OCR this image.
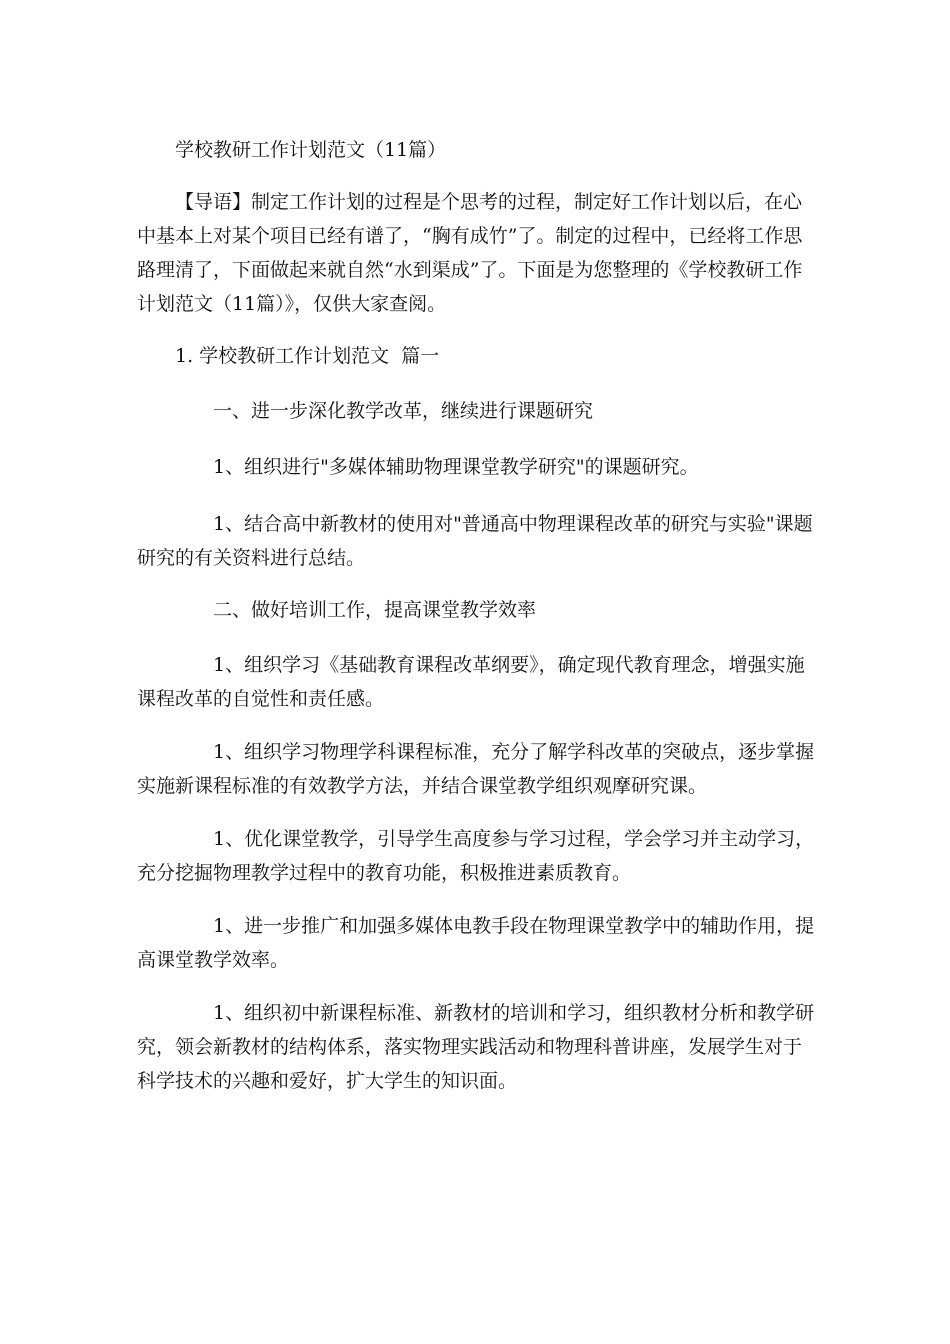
学校教研工作计划范文（11篇）
【导语】制定工作计划的过程是个思考的过程，制定好工作计划以后，在心中基本上对某个项目已经有谱了，“胸有成竹”了。制定的过程中，已经将工作思路理清了，下面做起来就自然“水到渠成”了。下面是为您整理的《学校教研工作计划范文（11篇）》，仅供大家查阅。
1. 学校教研工作计划范文  篇一
一、进一步深化教学改革，继续进行课题研究
1、组织进行"多媒体辅助物理课堂教学研究"的课题研究。
1、结合高中新教材的使用对"普通高中物理课程改革的研究与实验"课题研究的有关资料进行总结。
二、做好培训工作，提高课堂教学效率
1、组织学习《基础教育课程改革纲要》，确定现代教育理念，增强实施课程改革的自觉性和责任感。
1、组织学习物理学科课程标准，充分了解学科改革的突破点，逐步掌握实施新课程标准的有效教学方法，并结合课堂教学组织观摩研究课。
1、优化课堂教学，引导学生高度参与学习过程，学会学习并主动学习，充分挖掘物理教学过程中的教育功能，积极推进素质教育。
1、进一步推广和加强多媒体电教手段在物理课堂教学中的辅助作用，提高课堂教学效率。
1、组织初中新课程标准、新教材的培训和学习，组织教材分析和教学研究，领会新教材的结构体系，落实物理实践活动和物理科普讲座，发展学生对于科学技术的兴趣和爱好，扩大学生的知识面。
